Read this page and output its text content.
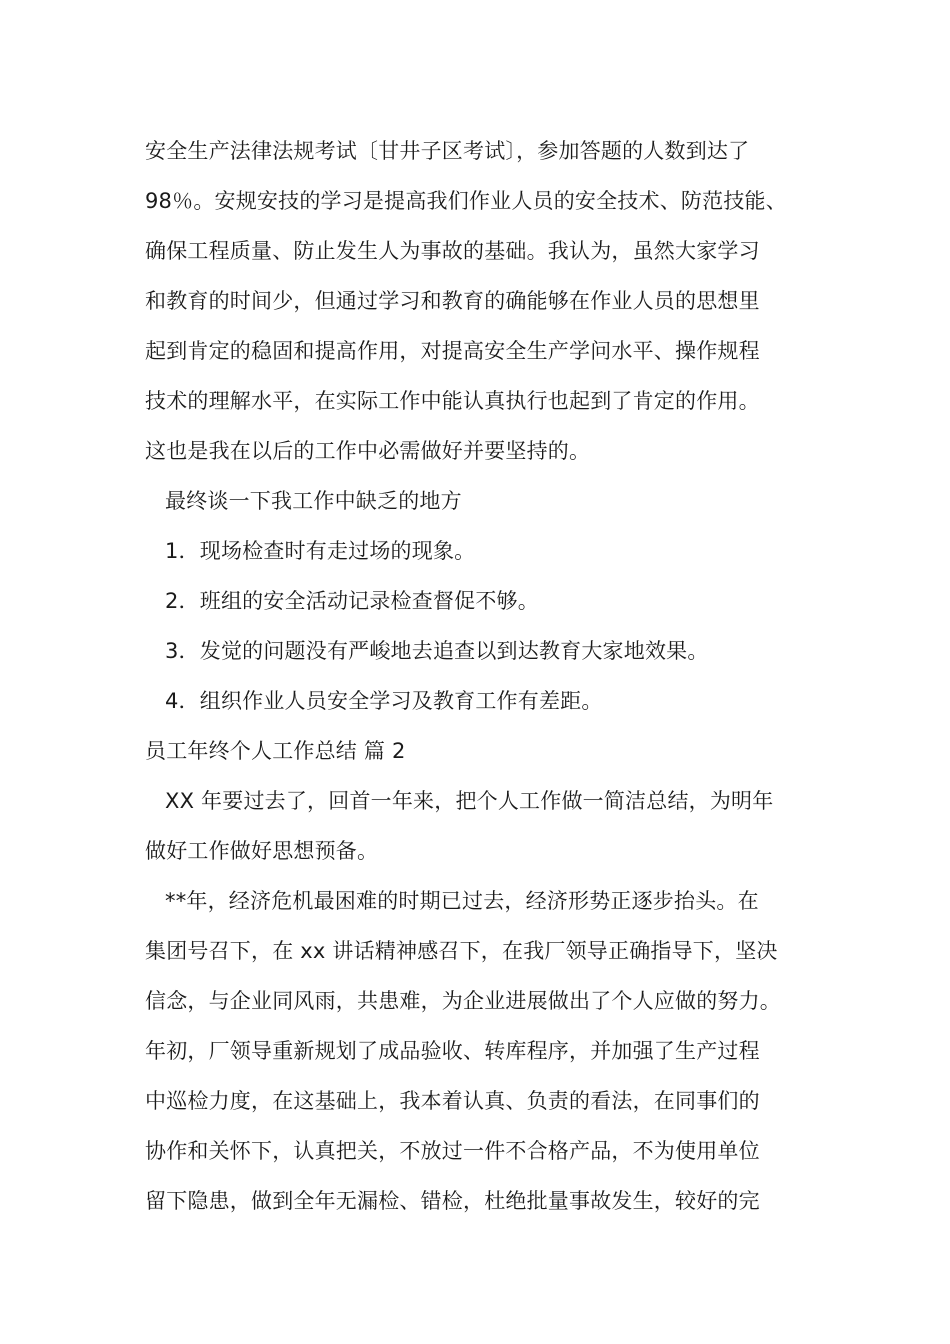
安全生产法律法规考试〔甘井子区考试〕，参加答题的人数到达了
98％。安规安技的学习是提高我们作业人员的安全技术、防范技能、
确保工程质量、防止发生人为事故的基础。我认为，虽然大家学习
和教育的时间少，但通过学习和教育的确能够在作业人员的思想里
起到肯定的稳固和提高作用，对提高安全生产学问水平、操作规程
技术的理解水平，在实际工作中能认真执行也起到了肯定的作用。
这也是我在以后的工作中必需做好并要坚持的。
最终谈一下我工作中缺乏的地方
1．现场检查时有走过场的现象。
2．班组的安全活动记录检查督促不够。
3．发觉的问题没有严峻地去追查以到达教育大家地效果。
4．组织作业人员安全学习及教育工作有差距。
员工年终个人工作总结 篇 2
XX 年要过去了，回首一年来，把个人工作做一简洁总结，为明年
做好工作做好思想预备。
**年，经济危机最困难的时期已过去，经济形势正逐步抬头。在
集团号召下，在 xx 讲话精神感召下，在我厂领导正确指导下，坚决
信念，与企业同风雨，共患难，为企业进展做出了个人应做的努力。
年初，厂领导重新规划了成品验收、转库程序，并加强了生产过程
中巡检力度，在这基础上，我本着认真、负责的看法，在同事们的
协作和关怀下，认真把关，不放过一件不合格产品，不为使用单位
留下隐患，做到全年无漏检、错检，杜绝批量事故发生，较好的完
